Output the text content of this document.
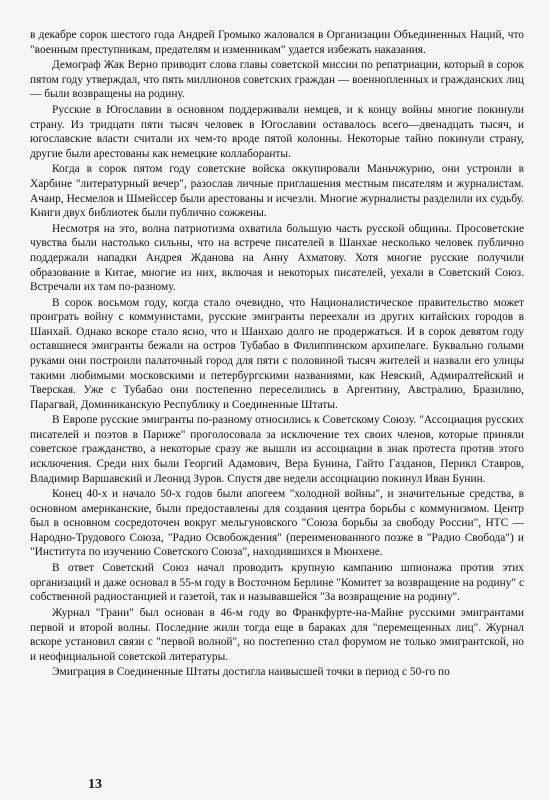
в декабре сорок шестого года Андрей Громыко жаловался в Организации Объединенных Наций, что "военным преступникам, предателям и изменникам" удается избежать наказания.

Демограф Жак Верно приводит слова главы советской миссии по репатриации, который в сорок пятом году утверждал, что пять миллионов советских граждан — военнопленных и гражданских лиц — были возвращены на родину.

Русские в Югославии в основном поддерживали немцев, и к концу войны многие покинули страну. Из тридцати пяти тысяч человек в Югославии оставалось всего—двенадцать тысяч, и югославские власти считали их чем-то вроде пятой колонны. Некоторые тайно покинули страну, другие были арестованы как немецкие коллаборанты.

Когда в сорок пятом году советские войска оккупировали Маньчжурию, они устроили в Харбине "литературный вечер", разослав личные приглашения местным писателям и журналистам. Ачаир, Несмелов и Шмейссер были арестованы и исчезли. Многие журналисты разделили их судьбу. Книги двух библиотек были публично сожжены.

Несмотря на это, волна патриотизма охватила большую часть русской общины. Просоветские чувства были настолько сильны, что на встрече писателей в Шанхае несколько человек публично поддержали нападки Андрея Жданова на Анну Ахматову. Хотя многие русские получили образование в Китае, многие из них, включая и некоторых писателей, уехали в Советский Союз. Встречали их там по-разному.

В сорок восьмом году, когда стало очевидно, что Националистическое правительство может проиграть войну с коммунистами, русские эмигранты переехали из других китайских городов в Шанхай. Однако вскоре стало ясно, что и Шанхаю долго не продержаться. И в сорок девятом году оставшиеся эмигранты бежали на остров Тубабао в Филиппинском архипелаге. Буквально голыми руками они построили палаточный город для пяти с половиной тысяч жителей и назвали его улицы такими любимыми московскими и петербургскими названиями, как Невский, Адмиралтейский и Тверская. Уже с Тубабао они постепенно переселились в Аргентину, Австралию, Бразилию, Парагвай, Доминиканскую Республику и Соединенные Штаты.

В Европе русские эмигранты по-разному относились к Советскому Союзу. "Ассоциация русских писателей и поэтов в Париже" проголосовала за исключение тех своих членов, которые приняли советское гражданство, а некоторые сразу же вышли из ассоциации в знак протеста против этого исключения. Среди них были Георгий Адамович, Вера Бунина, Гайто Газданов, Перикл Ставров, Владимир Варшавский и Леонид Зуров. Спустя две недели ассоциацию покинул Иван Бунин.

Конец 40-х и начало 50-х годов были апогеем "холодной войны", и значительные средства, в основном американские, были предоставлены для создания центра борьбы с коммунизмом. Центр был в основном сосредоточен вокруг мельгуновского "Союза борьбы за свободу России", НТС — Народно-Трудового Союза, "Радио Освобождения" (переименованного позже в "Радио Свобода") и "Института по изучению Советского Союза", находившихся в Мюнхене.

В ответ Советский Союз начал проводить крупную кампанию шпионажа против этих организаций и даже основал в 55-м году в Восточном Берлине "Комитет за возвращение на родину" с собственной радиостанцией и газетой, так и называвшейся "За возвращение на родину".

Журнал "Грани" был основан в 46-м году во Франкфурте-на-Майне русскими эмигрантами первой и второй волны. Последние жили тогда еще в бараках для "перемещенных лиц". Журнал вскоре установил связи с "первой волной", но постепенно стал форумом не только эмигрантской, но и неофициальной советской литературы.

Эмиграция в Соединенные Штаты достигла наивысшей точки в период с 50-го по

13
